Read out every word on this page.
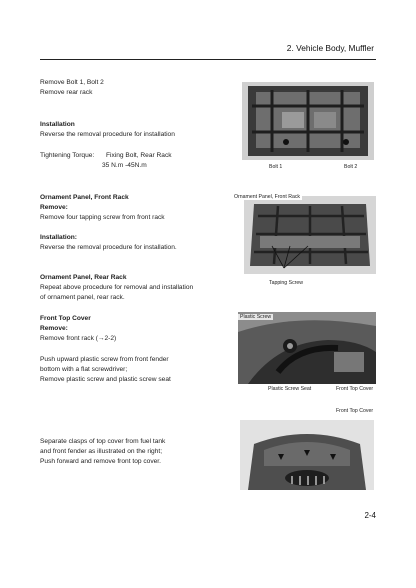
2. Vehicle Body, Muffler

Remove Bolt 1, Bolt 2

Remove rear rack

Installation

Reverse the removal procedure for installation

Tightening Torque: Fixing Bolt, Rear Rack

35 N.m -45N.m

Ornament Panel, Front Rack

Remove:

Remove four tapping screw from front rack

Installation:

Reverse the removal procedure for installation.

Ornament Panel, Rear Rack

Repeat above procedure for removal and installation

of ornament panel, rear rack.

Front Top Cover

Remove:

Remove front rack (→2-2)

Push upward plastic screw from front fender

bottom with a flat screwdriver;

Remove plastic screw and plastic screw seat

Separate clasps of top cover from fuel tank

and front fender as illustrated on the right;

Push forward and remove front top cover.

Bolt 1	Bolt 2
Ornament Panel, Front Rack
Tapping Screw
Plastic Screw
Plastic Screw Seat	Front Top Cover
Front Top Cover
2-4
